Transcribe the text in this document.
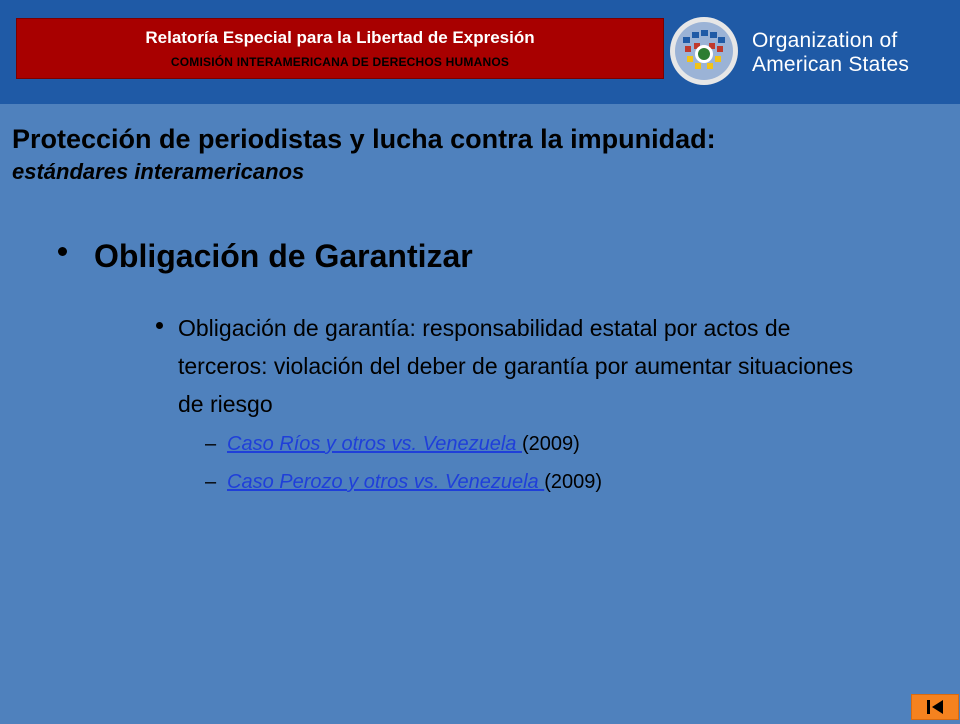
Relatoría Especial para la Libertad de Expresión
COMISIÓN INTERAMERICANA DE DERECHOS HUMANOS
Organization of
American States
Protección de periodistas y lucha contra la impunidad:
estándares interamericanos
Obligación de Garantizar
Obligación de garantía: responsabilidad estatal por actos de terceros: violación del deber de garantía por aumentar situaciones de riesgo
– Caso Ríos y otros vs. Venezuela (2009)
– Caso Perozo y otros vs. Venezuela (2009)
